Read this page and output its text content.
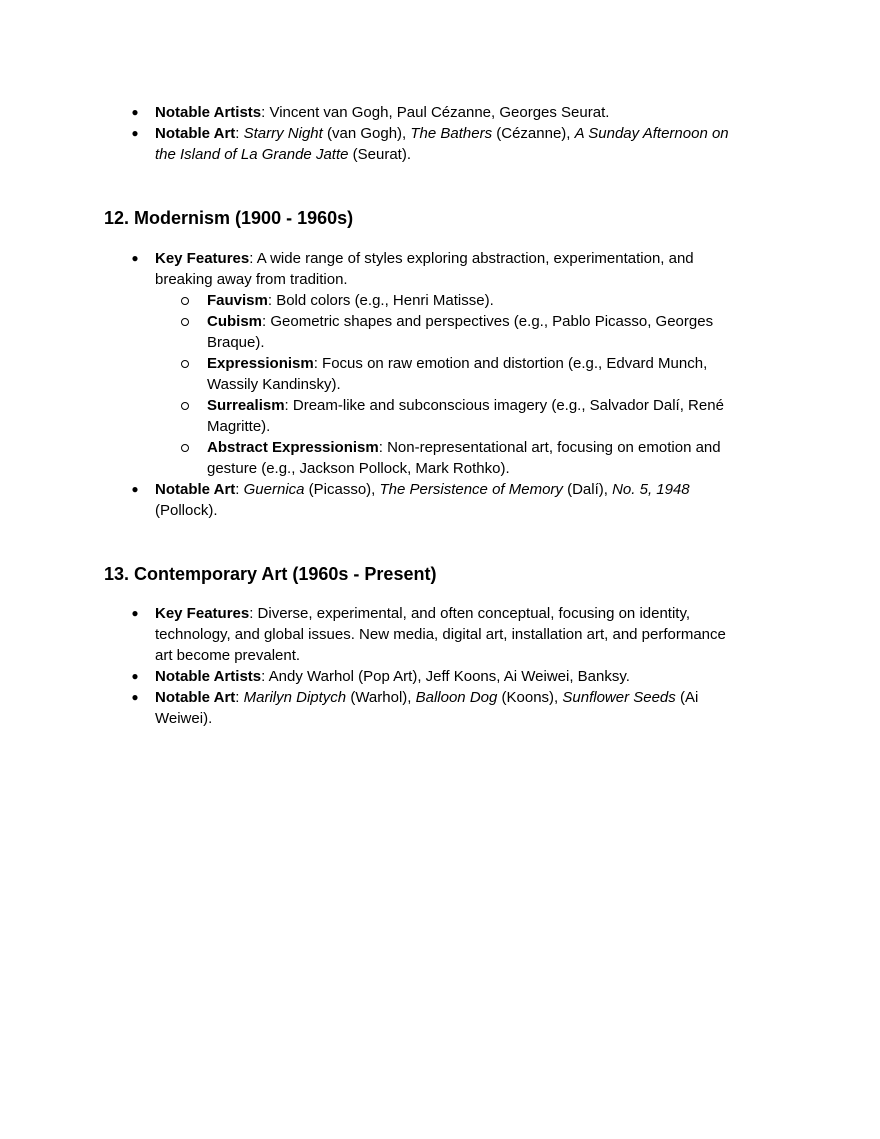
● Notable Artists: Vincent van Gogh, Paul Cézanne, Georges Seurat.
● Notable Art: Starry Night (van Gogh), The Bathers (Cézanne), A Sunday Afternoon on
the Island of La Grande Jatte (Seurat).
12. Modernism (1900 - 1960s)
● Key Features: A wide range of styles exploring abstraction, experimentation, and
breaking away from tradition.
Fauvism: Bold colors (e.g., Henri Matisse).
Cubism: Geometric shapes and perspectives (e.g., Pablo Picasso, Georges
Braque).
Expressionism: Focus on raw emotion and distortion (e.g., Edvard Munch,
Wassily Kandinsky).
Surrealism: Dream-like and subconscious imagery (e.g., Salvador Dalí, René
Magritte).
Abstract Expressionism: Non-representational art, focusing on emotion and
gesture (e.g., Jackson Pollock, Mark Rothko).
● Notable Art: Guernica (Picasso), The Persistence of Memory (Dalí), No. 5, 1948
(Pollock).
13. Contemporary Art (1960s - Present)
● Key Features: Diverse, experimental, and often conceptual, focusing on identity,
technology, and global issues. New media, digital art, installation art, and performance
art become prevalent.
● Notable Artists: Andy Warhol (Pop Art), Jeff Koons, Ai Weiwei, Banksy.
● Notable Art: Marilyn Diptych (Warhol), Balloon Dog (Koons), Sunflower Seeds (Ai
Weiwei).
